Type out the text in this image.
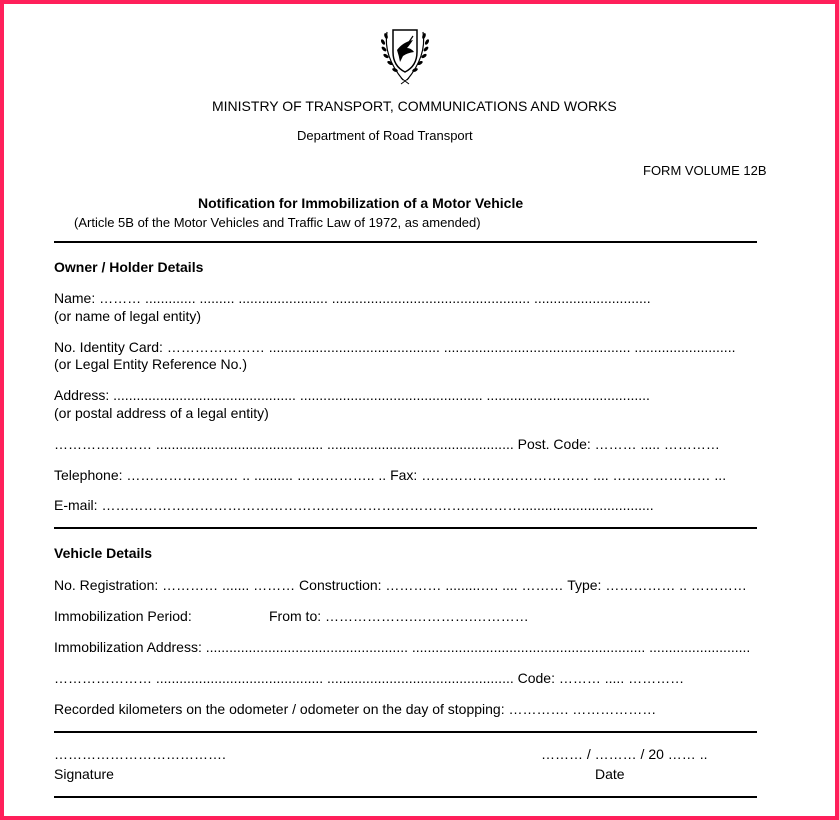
MINISTRY OF TRANSPORT, COMMUNICATIONS AND WORKS
Department of Road Transport
FORM VOLUME 12B
Notification for Immobilization of a Motor Vehicle
(Article 5B of the Motor Vehicles and Traffic Law of 1972, as amended)
Owner / Holder Details
Name: ……… ............. ......... ....................... ................................................... ..............................
(or name of legal entity)
No. Identity Card: ………………… ............................................ ................................................ ..........................
(or Legal Entity Reference No.)
Address: ............................................... ............................................... ..........................................
(or postal address of a legal entity)
………………… ........................................... ................................................ Post. Code: ……… ..... …………
Telephone: …………………… .. .......... …………….. .. Fax: ……………………………… .... ………………… ...
E-mail: ………………………………………………………………………………..................................
Vehicle Details
No. Registration: ………… ....... ……… Construction: ………… .........…. .... ……… Type: …………… .. …………
Immobilization Period:	From to: ……………….………….…………
Immobilization Address: .................................................... ............................................................ ..........................
………………… ........................................... ................................................ Code: ……… ..... …………
Recorded kilometers on the odometer / odometer on the day of stopping: …………. ………………
……………………………….
Signature
……… / ……… / 20 …… ..
Date
